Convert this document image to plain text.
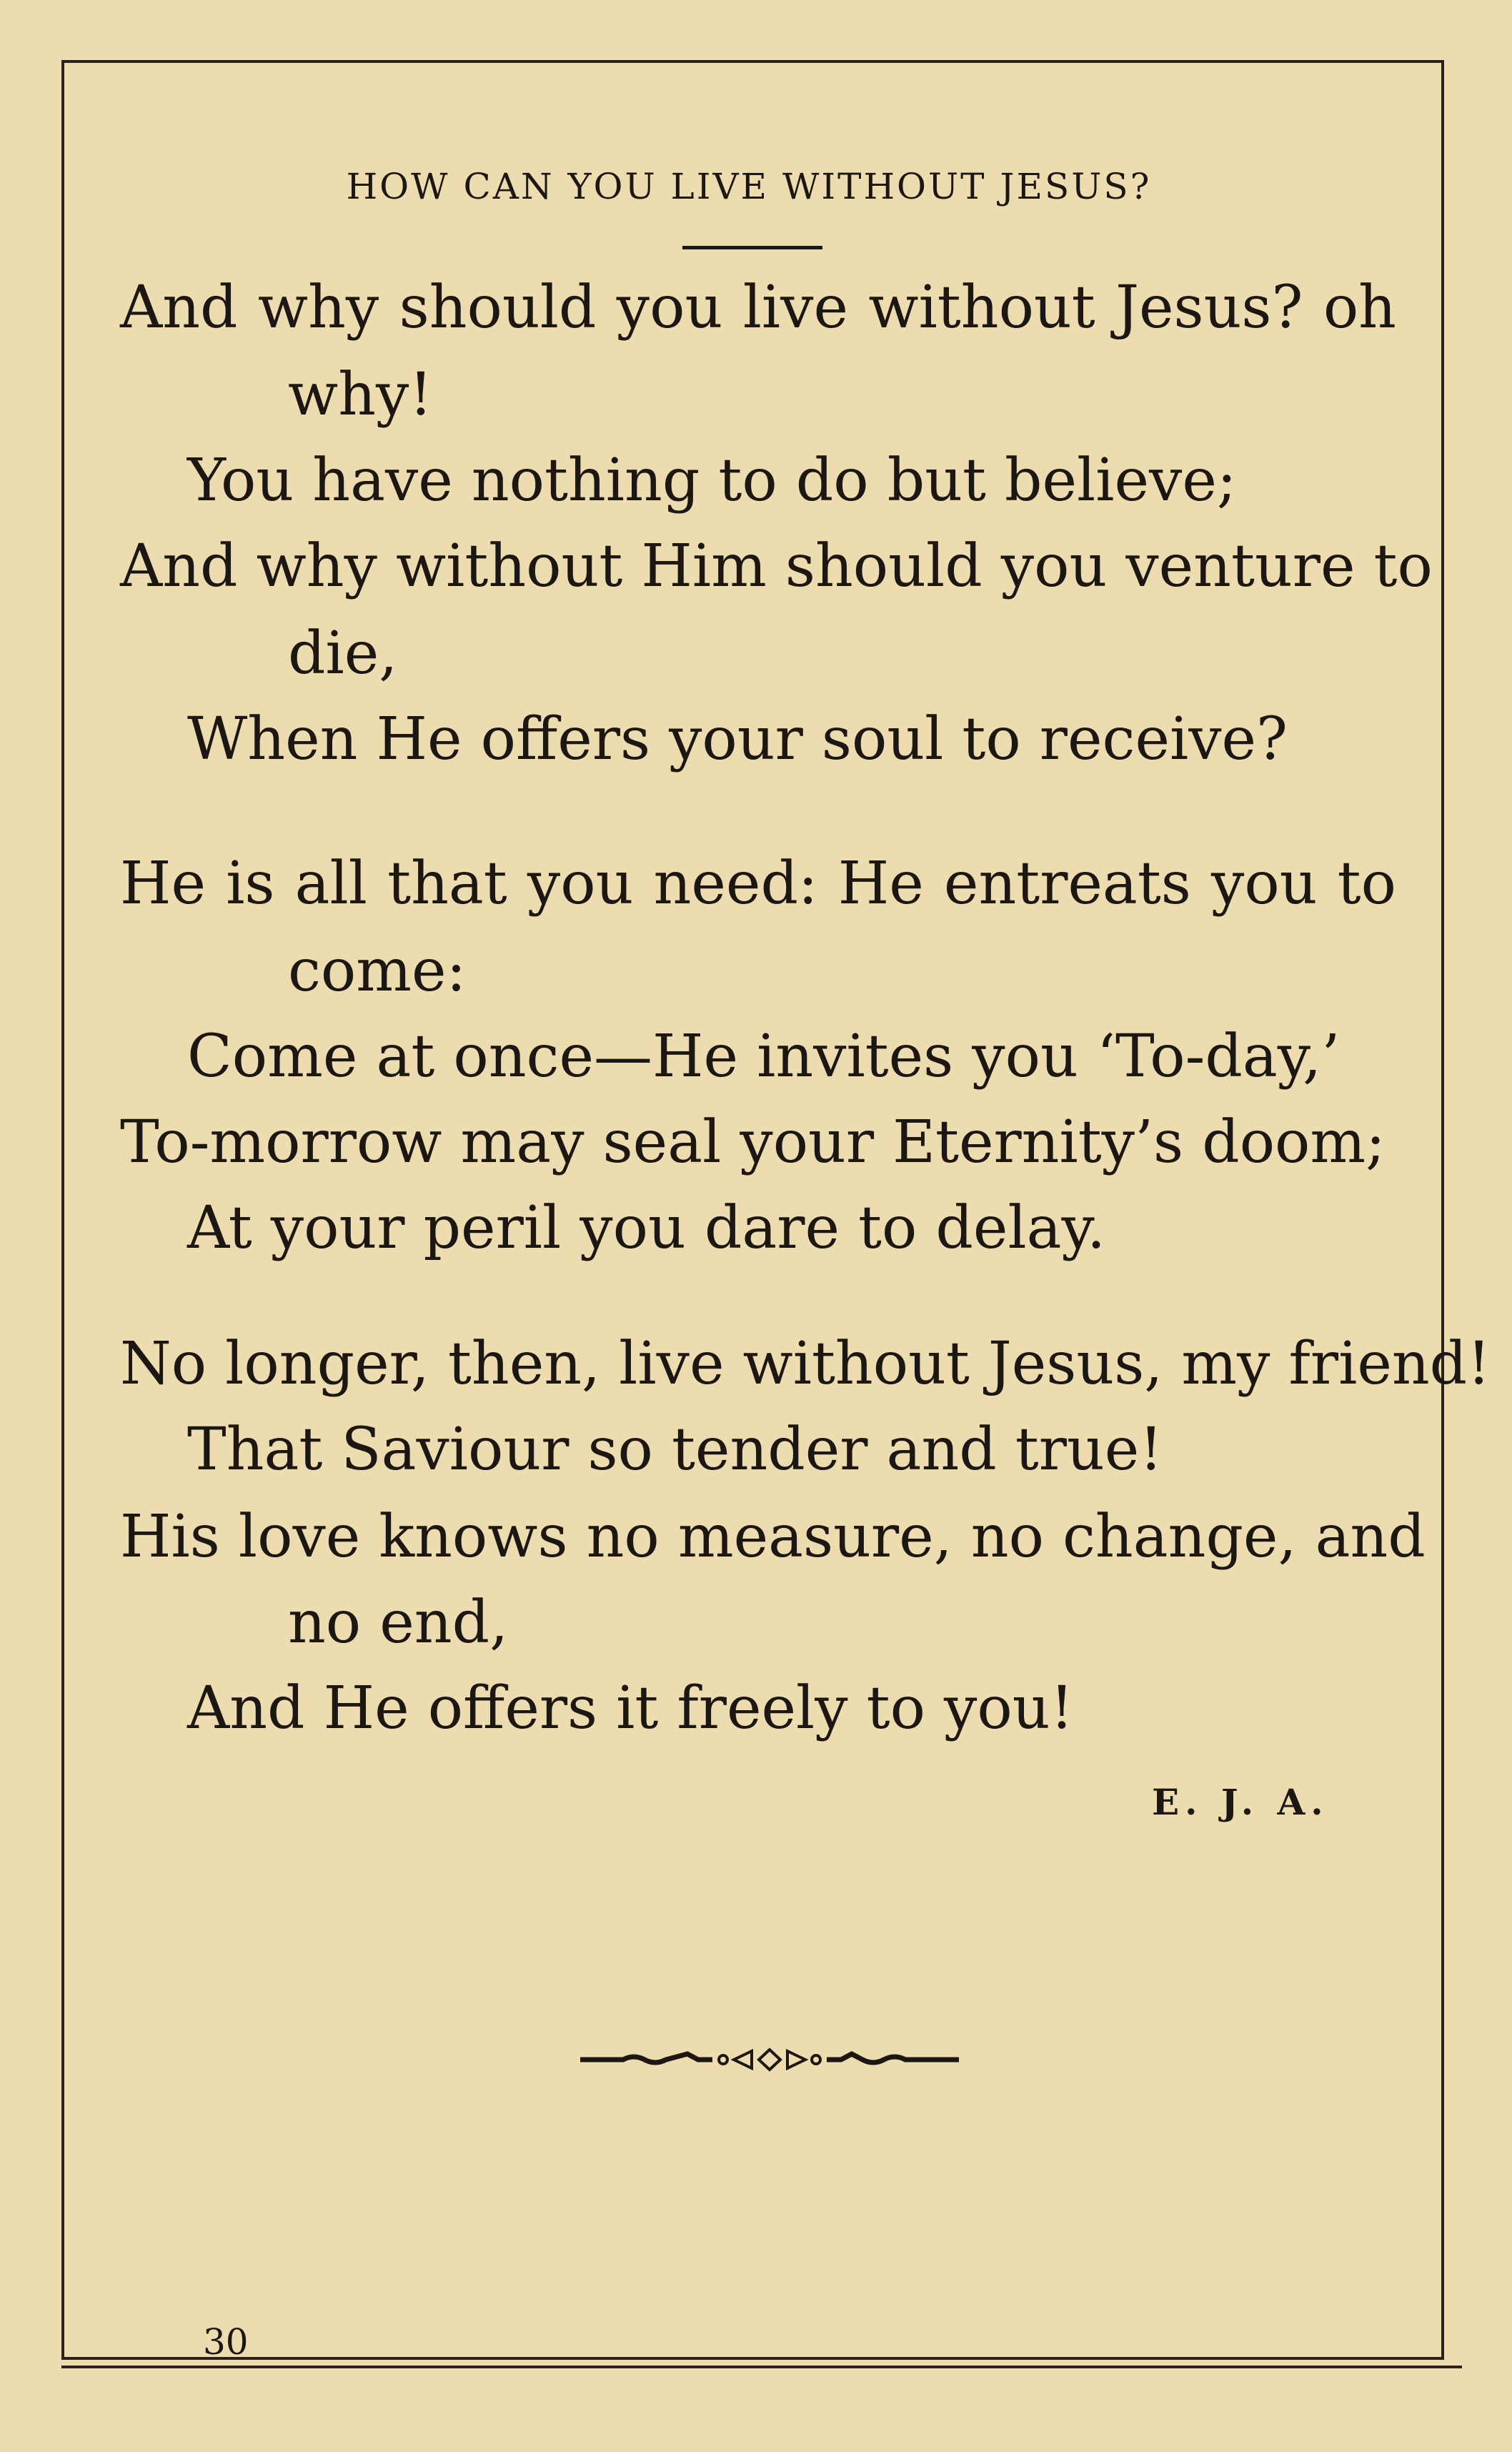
HOW CAN YOU LIVE WITHOUT JESUS?
And why should you live without Jesus? oh
why!
You have nothing to do but believe;
And why without Him should you venture to
die,
When He offers your soul to receive?
He is all that you need: He entreats you to
come:
Come at once—He invites you ‘To-day,’
To-morrow may seal your Eternity’s doom;
At your peril you dare to delay.
No longer, then, live without Jesus, my friend!
That Saviour so tender and true!
His love knows no measure, no change, and
no end,
And He offers it freely to you!
E. J. A.
30
